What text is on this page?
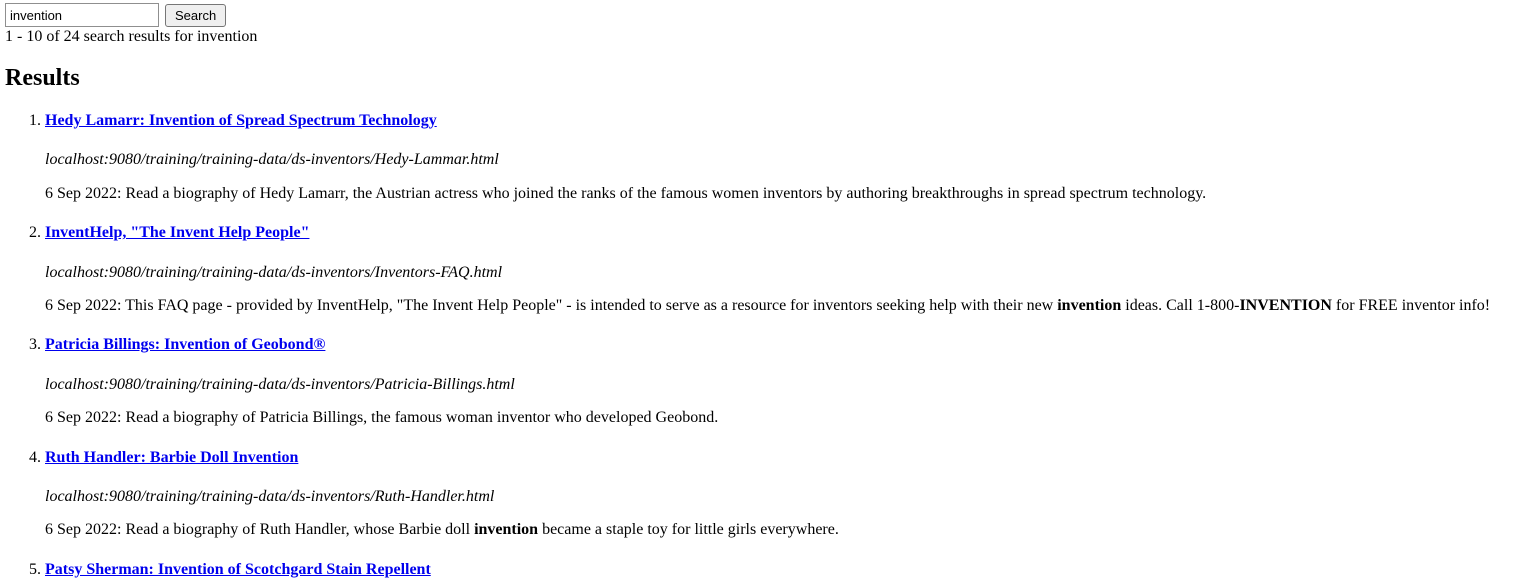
invention
Search
1 - 10 of 24 search results for invention
Results

1. Hedy Lamarr: Invention of Spread Spectrum Technology

localhost:9080/training/training-data/ds-inventors/Hedy-Lammar.html

6 Sep 2022: Read a biography of Hedy Lamarr, the Austrian actress who joined the ranks of the famous women inventors by authoring breakthroughs in spread spectrum technology.

2. InventHelp, "The Invent Help People"

localhost:9080/training/training-data/ds-inventors/Inventors-FAQ.html

6 Sep 2022: This FAQ page - provided by InventHelp, "The Invent Help People" - is intended to serve as a resource for inventors seeking help with their new invention ideas. Call 1-800-INVENTION for FREE inventor info!

3. Patricia Billings: Invention of Geobond®

localhost:9080/training/training-data/ds-inventors/Patricia-Billings.html

6 Sep 2022: Read a biography of Patricia Billings, the famous woman inventor who developed Geobond.

4. Ruth Handler: Barbie Doll Invention

localhost:9080/training/training-data/ds-inventors/Ruth-Handler.html

6 Sep 2022: Read a biography of Ruth Handler, whose Barbie doll invention became a staple toy for little girls everywhere.

5. Patsy Sherman: Invention of Scotchgard Stain Repellent
